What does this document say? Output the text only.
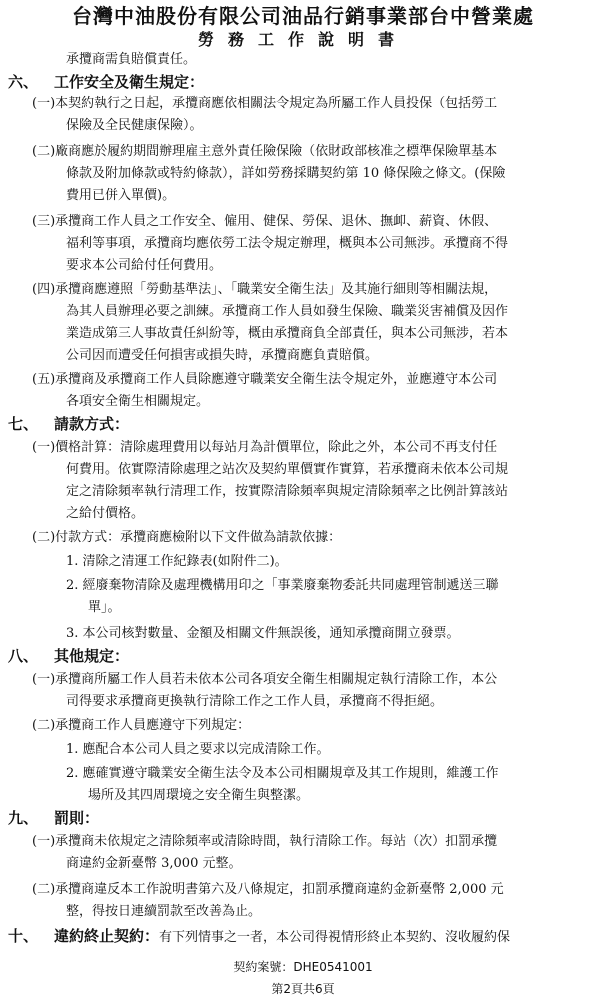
台灣中油股份有限公司油品行銷事業部台中營業處
勞務工作說明書
承攬商需負賠償責任。
六、 工作安全及衛生規定：
(一)本契約執行之日起，承攬商應依相關法令規定為所屬工作人員投保（包括勞工
保險及全民健康保險）。
(二)廠商應於履約期間辦理雇主意外責任險保險（依財政部核准之標準保險單基本
條款及附加條款或特約條款），詳如勞務採購契約第 10 條保險之條文。(保險
費用已併入單價)。
(三)承攬商工作人員之工作安全、僱用、健保、勞保、退休、撫卹、薪資、休假、
福利等事項，承攬商均應依勞工法令規定辦理，概與本公司無涉。承攬商不得
要求本公司給付任何費用。
(四)承攬商應遵照「勞動基準法」、「職業安全衛生法」及其施行細則等相關法規，
為其人員辦理必要之訓練。承攬商工作人員如發生保險、職業災害補償及因作
業造成第三人事故責任糾紛等，概由承攬商負全部責任，與本公司無涉，若本
公司因而遭受任何損害或損失時，承攬商應負責賠償。
(五)承攬商及承攬商工作人員除應遵守職業安全衛生法令規定外，並應遵守本公司
各項安全衛生相關規定。
七、 請款方式：
(一)價格計算：清除處理費用以每站月為計價單位，除此之外，本公司不再支付任
何費用。依實際清除處理之站次及契約單價實作實算，若承攬商未依本公司規
定之清除頻率執行清理工作，按實際清除頻率與規定清除頻率之比例計算該站
之給付價格。
(二)付款方式：承攬商應檢附以下文件做為請款依據：
1. 清除之清運工作紀錄表(如附件二)。
2. 經廢棄物清除及處理機構用印之「事業廢棄物委託共同處理管制遞送三聯
單」。
3. 本公司核對數量、金額及相關文件無誤後，通知承攬商開立發票。
八、 其他規定：
(一)承攬商所屬工作人員若未依本公司各項安全衛生相關規定執行清除工作，本公
司得要求承攬商更換執行清除工作之工作人員，承攬商不得拒絕。
(二)承攬商工作人員應遵守下列規定：
1. 應配合本公司人員之要求以完成清除工作。
2. 應確實遵守職業安全衛生法令及本公司相關規章及其工作規則，維護工作
場所及其四周環境之安全衛生與整潔。
九、 罰則：
(一)承攬商未依規定之清除頻率或清除時間，執行清除工作。每站（次）扣罰承攬
商違約金新臺幣 3,000 元整。
(二)承攬商違反本工作說明書第六及八條規定，扣罰承攬商違約金新臺幣 2,000 元
整，得按日連續罰款至改善為止。
十、 違約終止契約：有下列情事之一者，本公司得視情形終止本契約、沒收履約保
契約案號：DHE0541001
第2頁共6頁
